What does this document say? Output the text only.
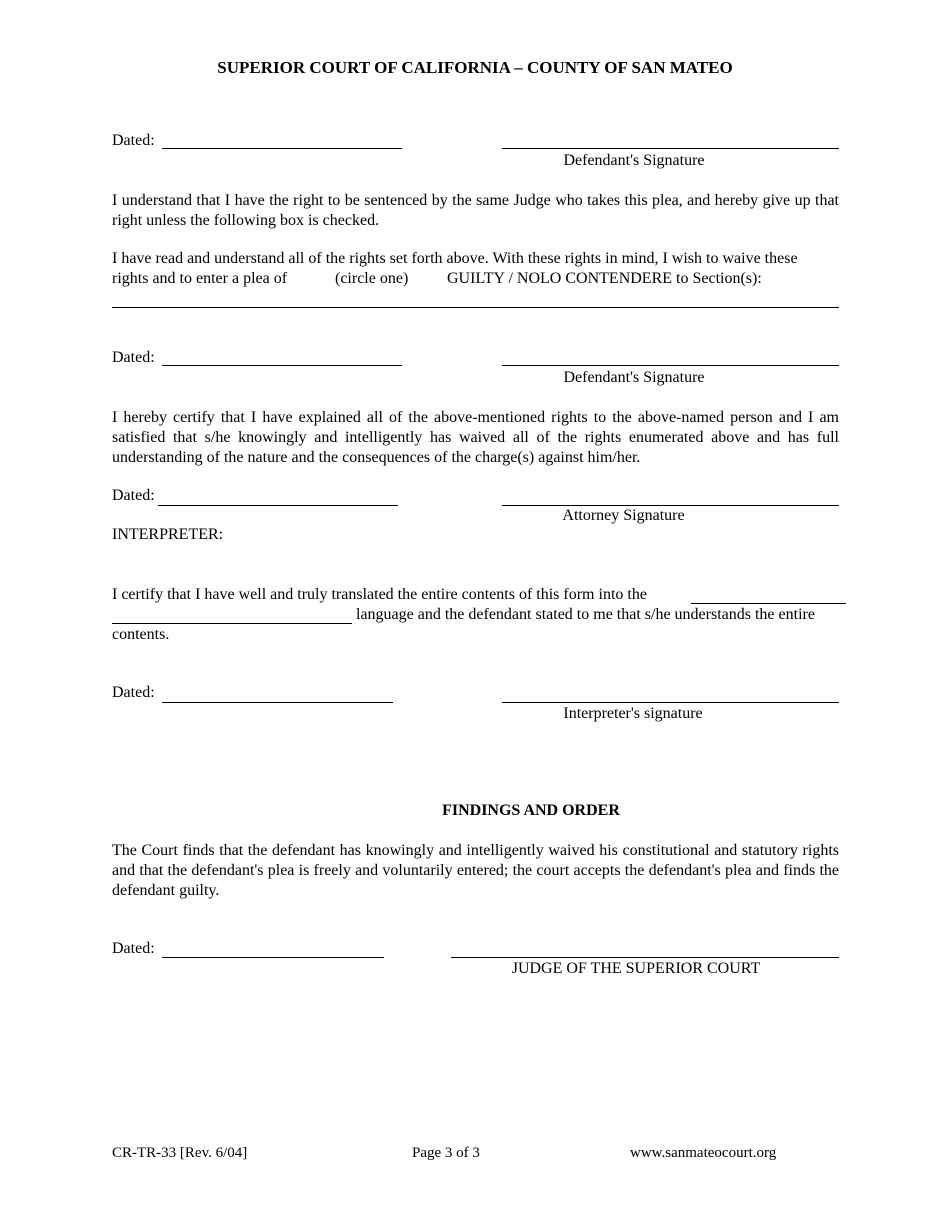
SUPERIOR COURT OF CALIFORNIA – COUNTY OF SAN MATEO
Dated:
Defendant's Signature
I understand that I have the right to be sentenced by the same Judge who takes this plea, and hereby give up that right unless the following box is checked.
I have read and understand all of the rights set forth above. With these rights in mind, I wish to waive these
rights and to enter a plea of	(circle one) GUILTY / NOLO CONTENDERE to Section(s):
Dated:
Defendant's Signature
I hereby certify that I have explained all of the above-mentioned rights to the above-named person and I am satisfied that s/he knowingly and intelligently has waived all of the rights enumerated above and has full understanding of the nature and the consequences of the charge(s) against him/her.
Dated:
Attorney Signature
INTERPRETER:
I certify that I have well and truly translated the entire contents of this form into the
language and the defendant stated to me that s/he understands the entire
contents.
Dated:
Interpreter's signature
FINDINGS AND ORDER
The Court finds that the defendant has knowingly and intelligently waived his constitutional and statutory rights and that the defendant's plea is freely and voluntarily entered; the court accepts the defendant's plea and finds the defendant guilty.
Dated:
JUDGE OF THE SUPERIOR COURT
CR-TR-33 [Rev. 6/04]	Page 3 of 3	www.sanmateocourt.org
